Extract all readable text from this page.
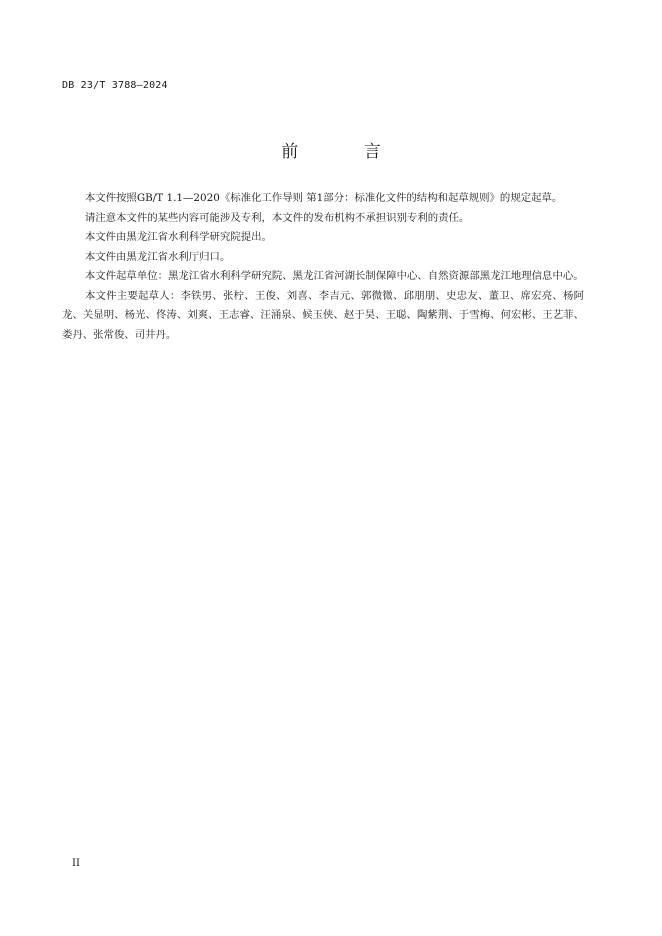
DB 23/T 3788—2024
前 言

本文件按照GB/T 1.1—2020《标准化工作导则 第1部分：标准化文件的结构和起草规则》的规定起草。

请注意本文件的某些内容可能涉及专利，本文件的发布机构不承担识别专利的责任。

本文件由黑龙江省水利科学研究院提出。

本文件由黑龙江省水利厅归口。

本文件起草单位：黑龙江省水利科学研究院、黑龙江省河湖长制保障中心、自然资源部黑龙江地理信息中心。

本文件主要起草人：李铁男、张柠、王俊、刘喜、李吉元、郭微微、邱朋朋、史忠友、董卫、席宏亮、杨阿龙、关显明、杨光、佟涛、刘爽、王志睿、汪涌泉、候玉侠、赵于昊、王聪、陶紫荆、于雪梅、何宏彬、王艺菲、娄丹、张常俊、司井丹。

II
